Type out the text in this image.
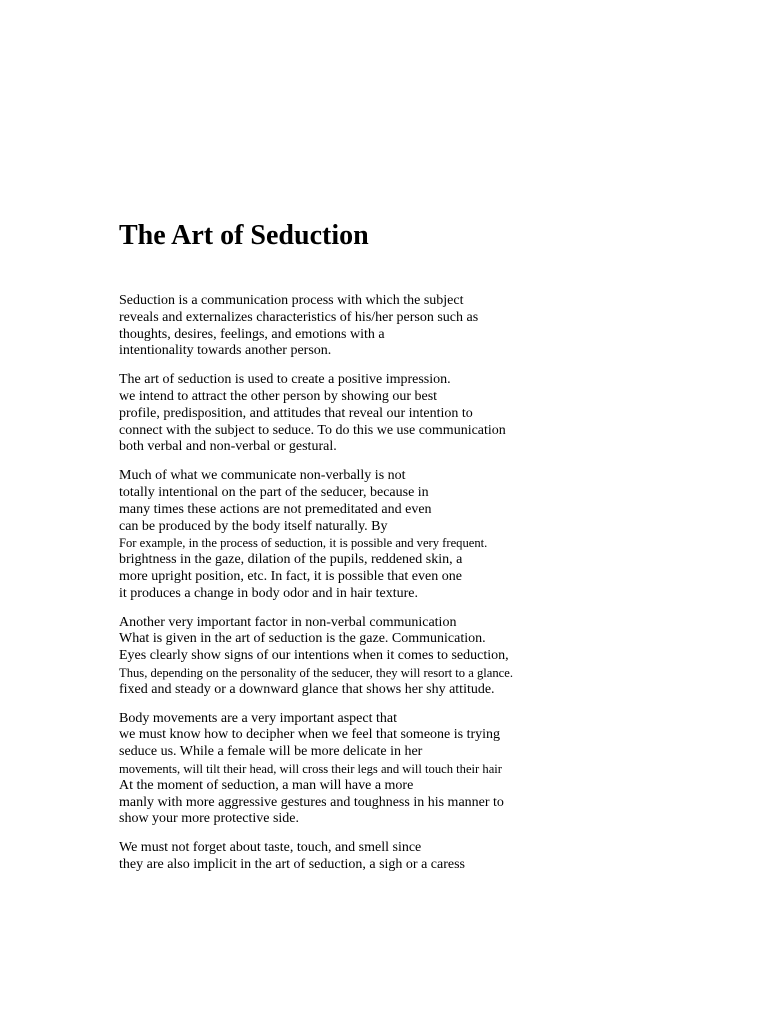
The Art of Seduction

Seduction is a communication process with which the subject
reveals and externalizes characteristics of his/her person such as
thoughts, desires, feelings, and emotions with a
intentionality towards another person.

The art of seduction is used to create a positive impression.
we intend to attract the other person by showing our best
profile, predisposition, and attitudes that reveal our intention to
connect with the subject to seduce. To do this we use communication
both verbal and non-verbal or gestural.

Much of what we communicate non-verbally is not
totally intentional on the part of the seducer, because in
many times these actions are not premeditated and even
can be produced by the body itself naturally. By
For example, in the process of seduction, it is possible and very frequent.
brightness in the gaze, dilation of the pupils, reddened skin, a
more upright position, etc. In fact, it is possible that even one
it produces a change in body odor and in hair texture.

Another very important factor in non-verbal communication
What is given in the art of seduction is the gaze. Communication.
Eyes clearly show signs of our intentions when it comes to seduction,
Thus, depending on the personality of the seducer, they will resort to a glance.
fixed and steady or a downward glance that shows her shy attitude.

Body movements are a very important aspect that
we must know how to decipher when we feel that someone is trying
seduce us. While a female will be more delicate in her
movements, will tilt their head, will cross their legs and will touch their hair
At the moment of seduction, a man will have a more
manly with more aggressive gestures and toughness in his manner to
show your more protective side.

We must not forget about taste, touch, and smell since
they are also implicit in the art of seduction, a sigh or a caress
